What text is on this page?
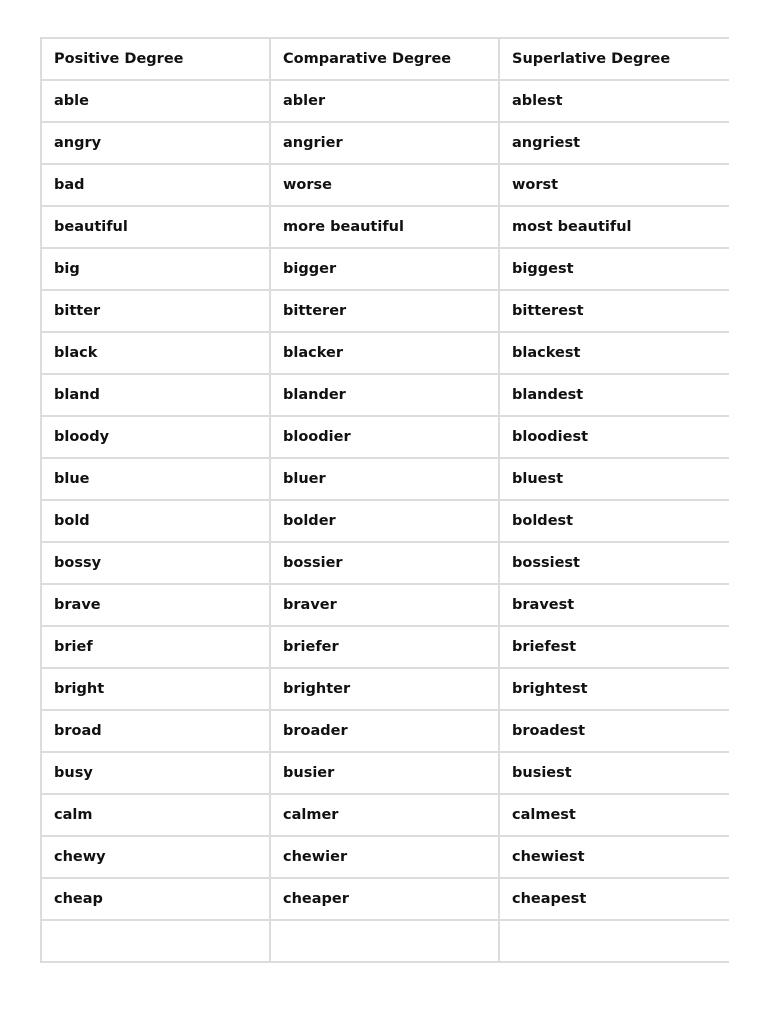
Positive Degree	Comparative Degree	Superlative Degree
able	abler	ablest
angry	angrier	angriest
bad	worse	worst
beautiful	more beautiful	most beautiful
big	bigger	biggest
bitter	bitterer	bitterest
black	blacker	blackest
bland	blander	blandest
bloody	bloodier	bloodiest
blue	bluer	bluest
bold	bolder	boldest
bossy	bossier	bossiest
brave	braver	bravest
brief	briefer	briefest
bright	brighter	brightest
broad	broader	broadest
busy	busier	busiest
calm	calmer	calmest
chewy	chewier	chewiest
cheap	cheaper	cheapest
